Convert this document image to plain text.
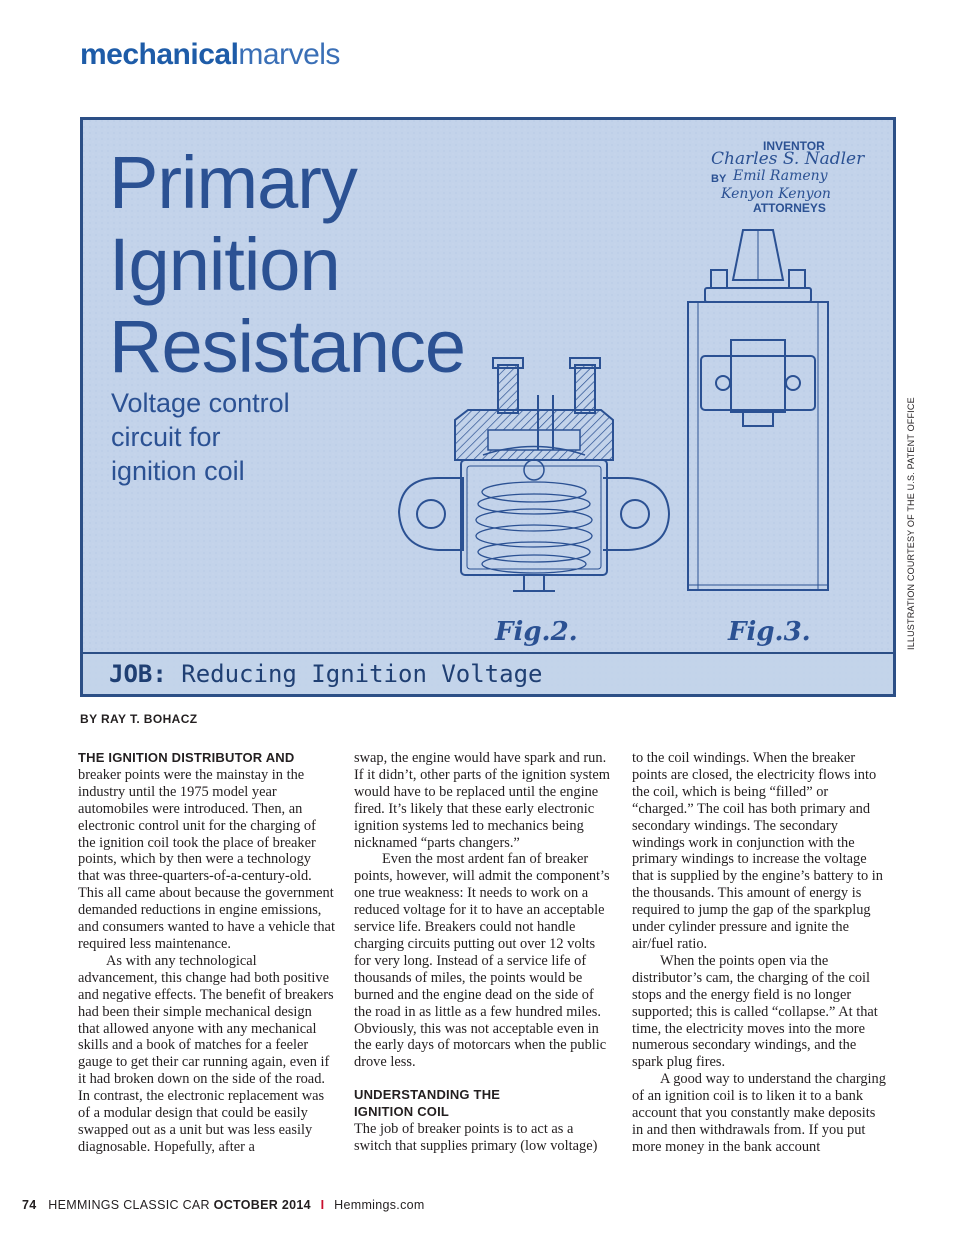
mechanicalmarvels
INVENTOR
Charles S. Nadler
BY Emil Rameny
Kenyon Kenyon
ATTORNEYS
Fig.2.	Fig.3.
Primary
Ignition
Resistance
Voltage control
circuit for
ignition coil
JOB: Reducing Ignition Voltage
ILLUSTRATION COURTESY OF THE U.S. PATENT OFFICE
BY RAY T. BOHACZ

THE IGNITION DISTRIBUTOR AND
breaker points were the mainstay in the industry until the 1975 model year automobiles were introduced. Then, an electronic control unit for the charging of the ignition coil took the place of breaker points, which by then were a technology that was three-quarters-of-a-century-old. This all came about because the government demanded reductions in engine emissions, and consumers wanted to have a vehicle that required less maintenance.

As with any technological advancement, this change had both positive and negative effects. The benefit of breakers had been their simple mechanical design that allowed anyone with any mechanical skills and a book of matches for a feeler gauge to get their car running again, even if it had broken down on the side of the road. In contrast, the electronic replacement was of a modular design that could be easily swapped out as a unit but was less easily diagnosable. Hopefully, after a

swap, the engine would have spark and run. If it didn’t, other parts of the ignition system would have to be replaced until the engine fired. It’s likely that these early electronic ignition systems led to mechanics being nicknamed “parts changers.”

Even the most ardent fan of breaker points, however, will admit the component’s one true weakness: It needs to work on a reduced voltage for it to have an acceptable service life. Breakers could not handle charging circuits putting out over 12 volts for very long. Instead of a service life of thousands of miles, the points would be burned and the engine dead on the side of the road in as little as a few hundred miles. Obviously, this was not acceptable even in the early days of motorcars when the public drove less.

UNDERSTANDING THE
IGNITION COIL

The job of breaker points is to act as a switch that supplies primary (low voltage)

to the coil windings. When the breaker points are closed, the electricity flows into the coil, which is being “filled” or “charged.” The coil has both primary and secondary windings. The secondary windings work in conjunction with the primary windings to increase the voltage that is supplied by the engine’s battery to in the thousands. This amount of energy is required to jump the gap of the sparkplug under cylinder pressure and ignite the air/fuel ratio.

When the points open via the distributor’s cam, the charging of the coil stops and the energy field is no longer supported; this is called “collapse.” At that time, the electricity moves into the more numerous secondary windings, and the spark plug fires.

A good way to understand the charging of an ignition coil is to liken it to a bank account that you constantly make deposits in and then withdrawals from. If you put more money in the bank account

74 HEMMINGS CLASSIC CAR OCTOBER 2014 I Hemmings.com
